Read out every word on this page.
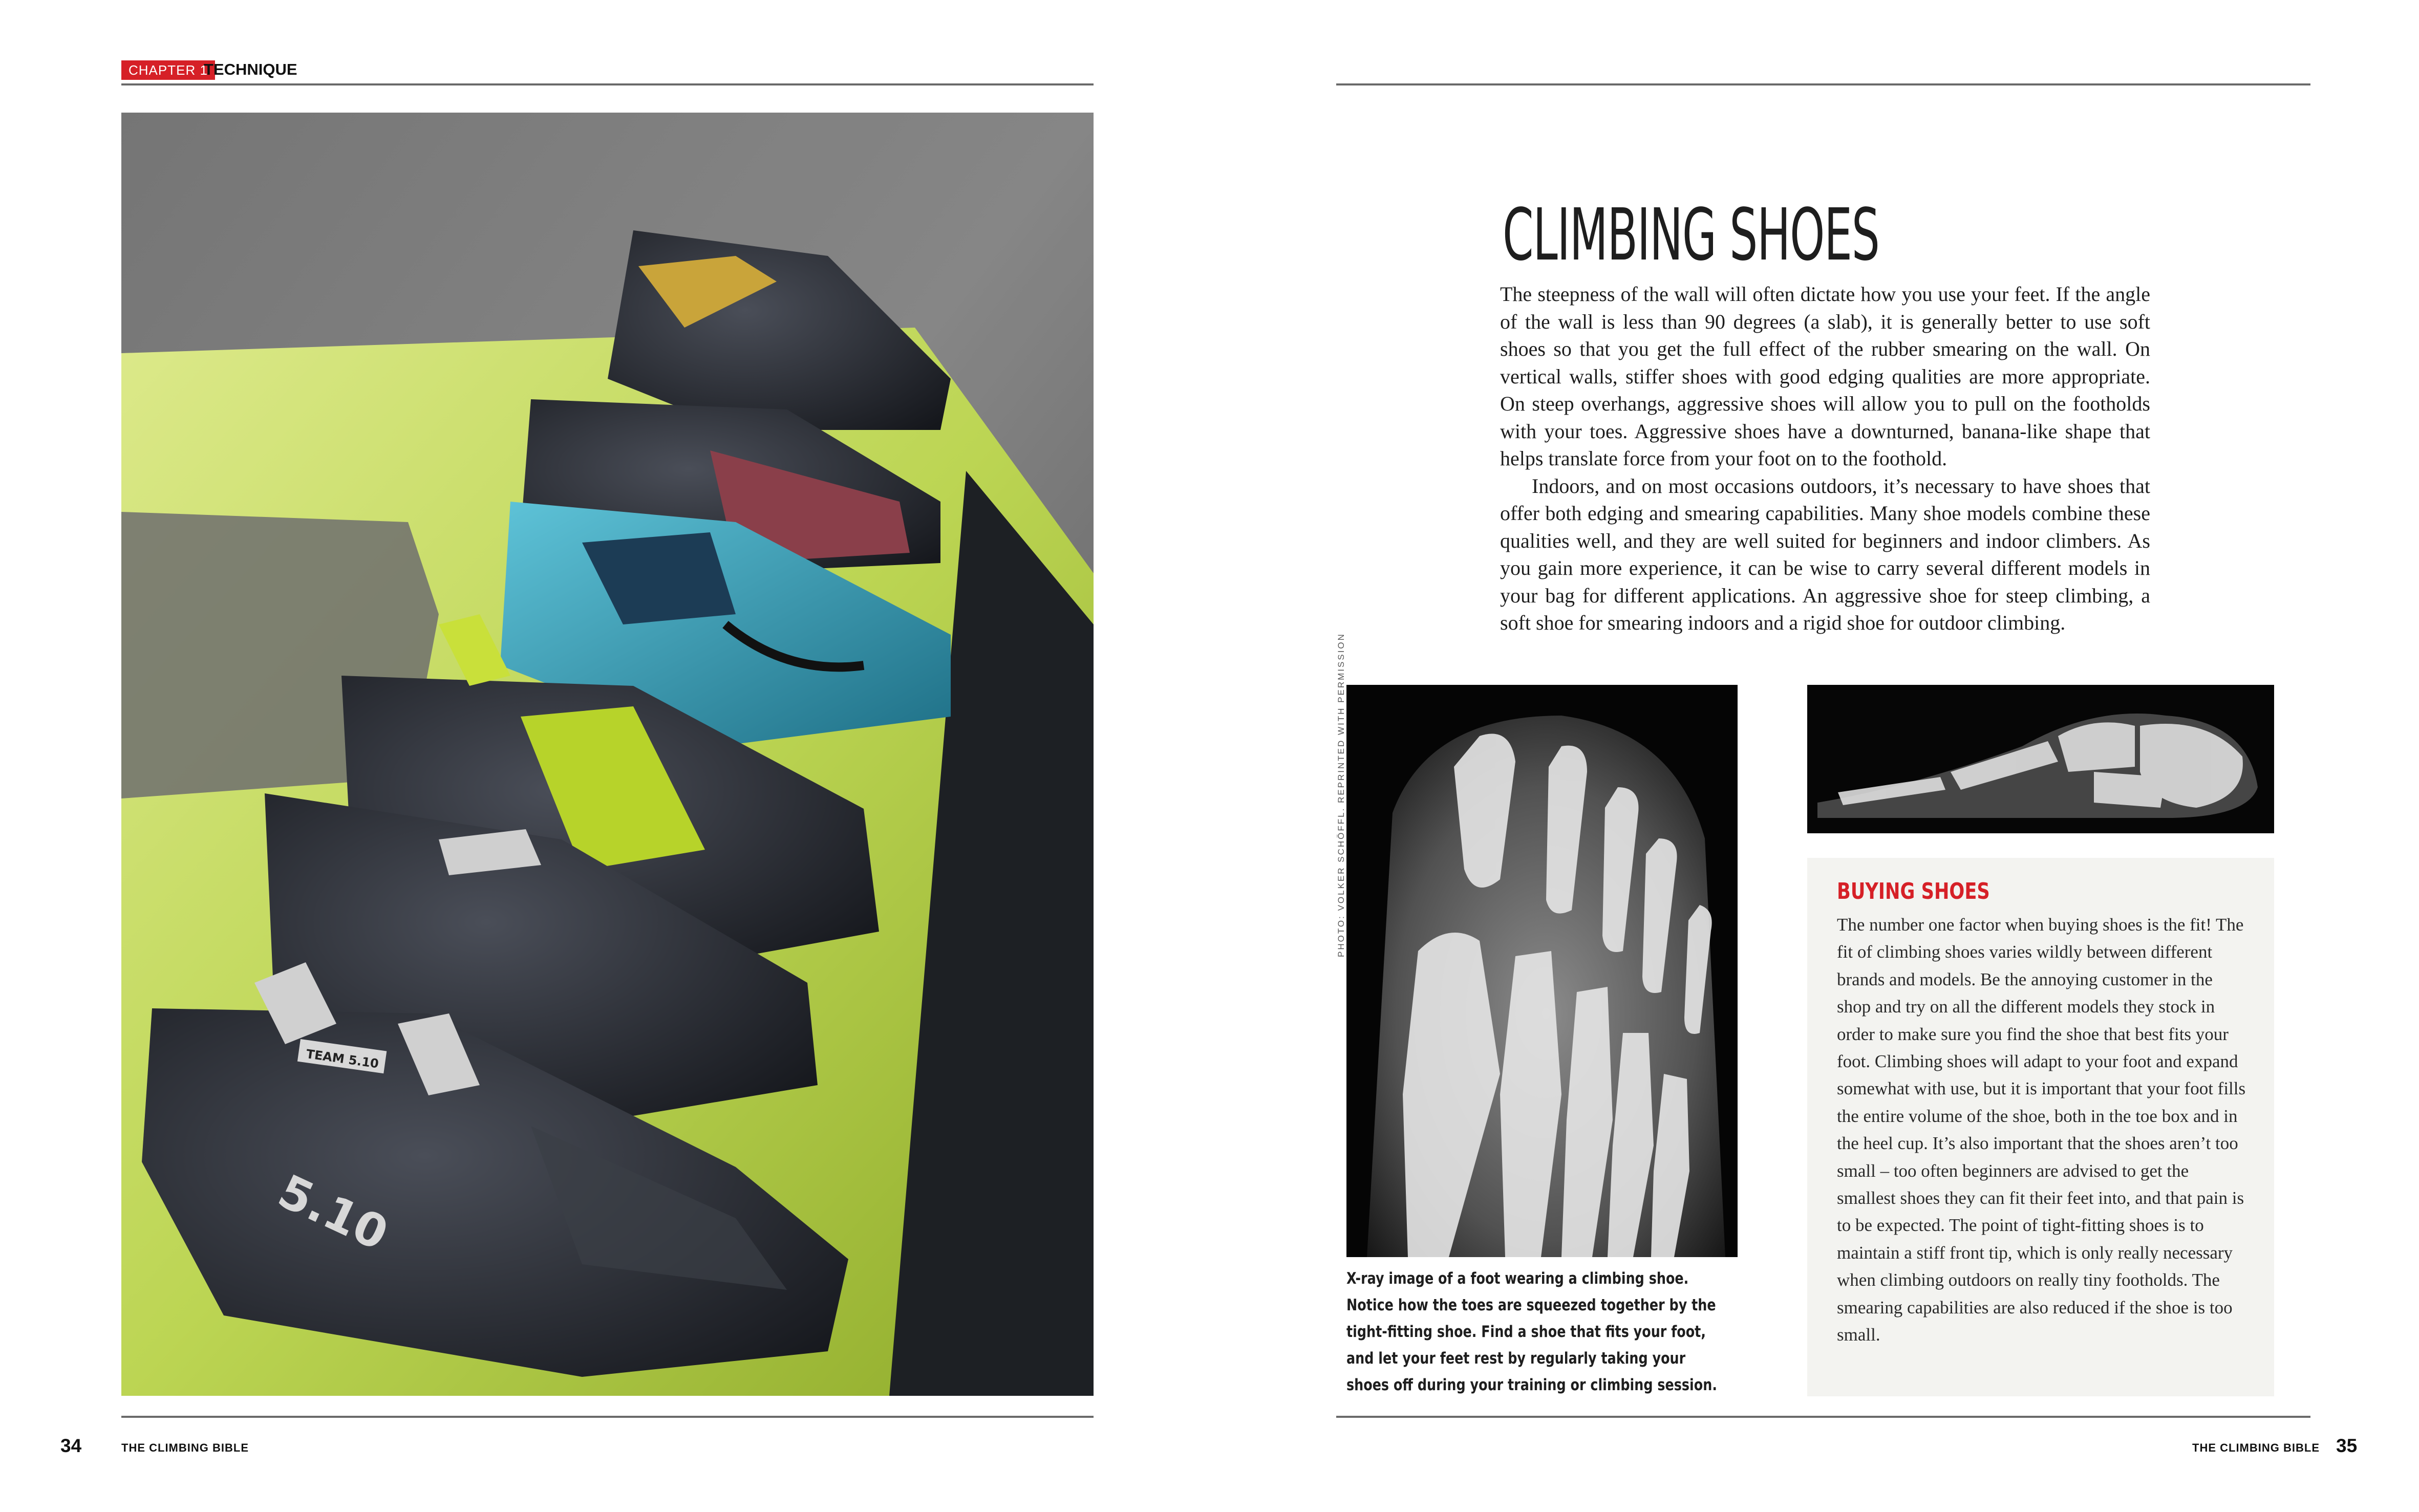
CHAPTER 1
TECHNIQUE
5.10
TEAM 5.10
CLIMBING SHOES

The steepness of the wall will often dictate how you use your feet. If the angle of the wall is less than 90 degrees (a slab), it is generally better to use soft shoes so that you get the full effect of the rubber smearing on the wall. On vertical walls, stiffer shoes with good edging qualities are more appropriate. On steep overhangs, aggressive shoes will allow you to pull on the footholds with your toes. Aggressive shoes have a downturned, banana-like shape that helps translate force from your foot on to the foothold.

Indoors, and on most occasions outdoors, it’s necessary to have shoes that offer both edging and smearing capabilities. Many shoe models combine these qualities well, and they are well suited for beginners and indoor climbers. As you gain more experience, it can be wise to carry several different models in your bag for different applications. An aggressive shoe for steep climbing, a soft shoe for smearing indoors and a rigid shoe for outdoor climbing.

PHOTO: VOLKER SCHÖFFL. REPRINTED WITH PERMISSION
X-ray image of a foot wearing a climbing shoe. Notice how the toes are squeezed together by the tight-fitting shoe. Find a shoe that fits your foot, and let your feet rest by regularly taking your shoes off during your training or climbing session.
BUYING SHOES
The number one factor when buying shoes is the fit! The fit of climbing shoes varies wildly between different brands and models. Be the annoying customer in the shop and try on all the different models they stock in order to make sure you find the shoe that best fits your foot. Climbing shoes will adapt to your foot and expand somewhat with use, but it is important that your foot fills the entire volume of the shoe, both in the toe box and in the heel cup. It’s also important that the shoes aren’t too small – too often beginners are advised to get the smallest shoes they can fit their feet into, and that pain is to be expected. The point of tight-fitting shoes is to maintain a stiff front tip, which is only really necessary when climbing outdoors on really tiny footholds. The smearing capabilities are also reduced if the shoe is too small.
34	THE CLIMBING BIBLE	THE CLIMBING BIBLE 35
